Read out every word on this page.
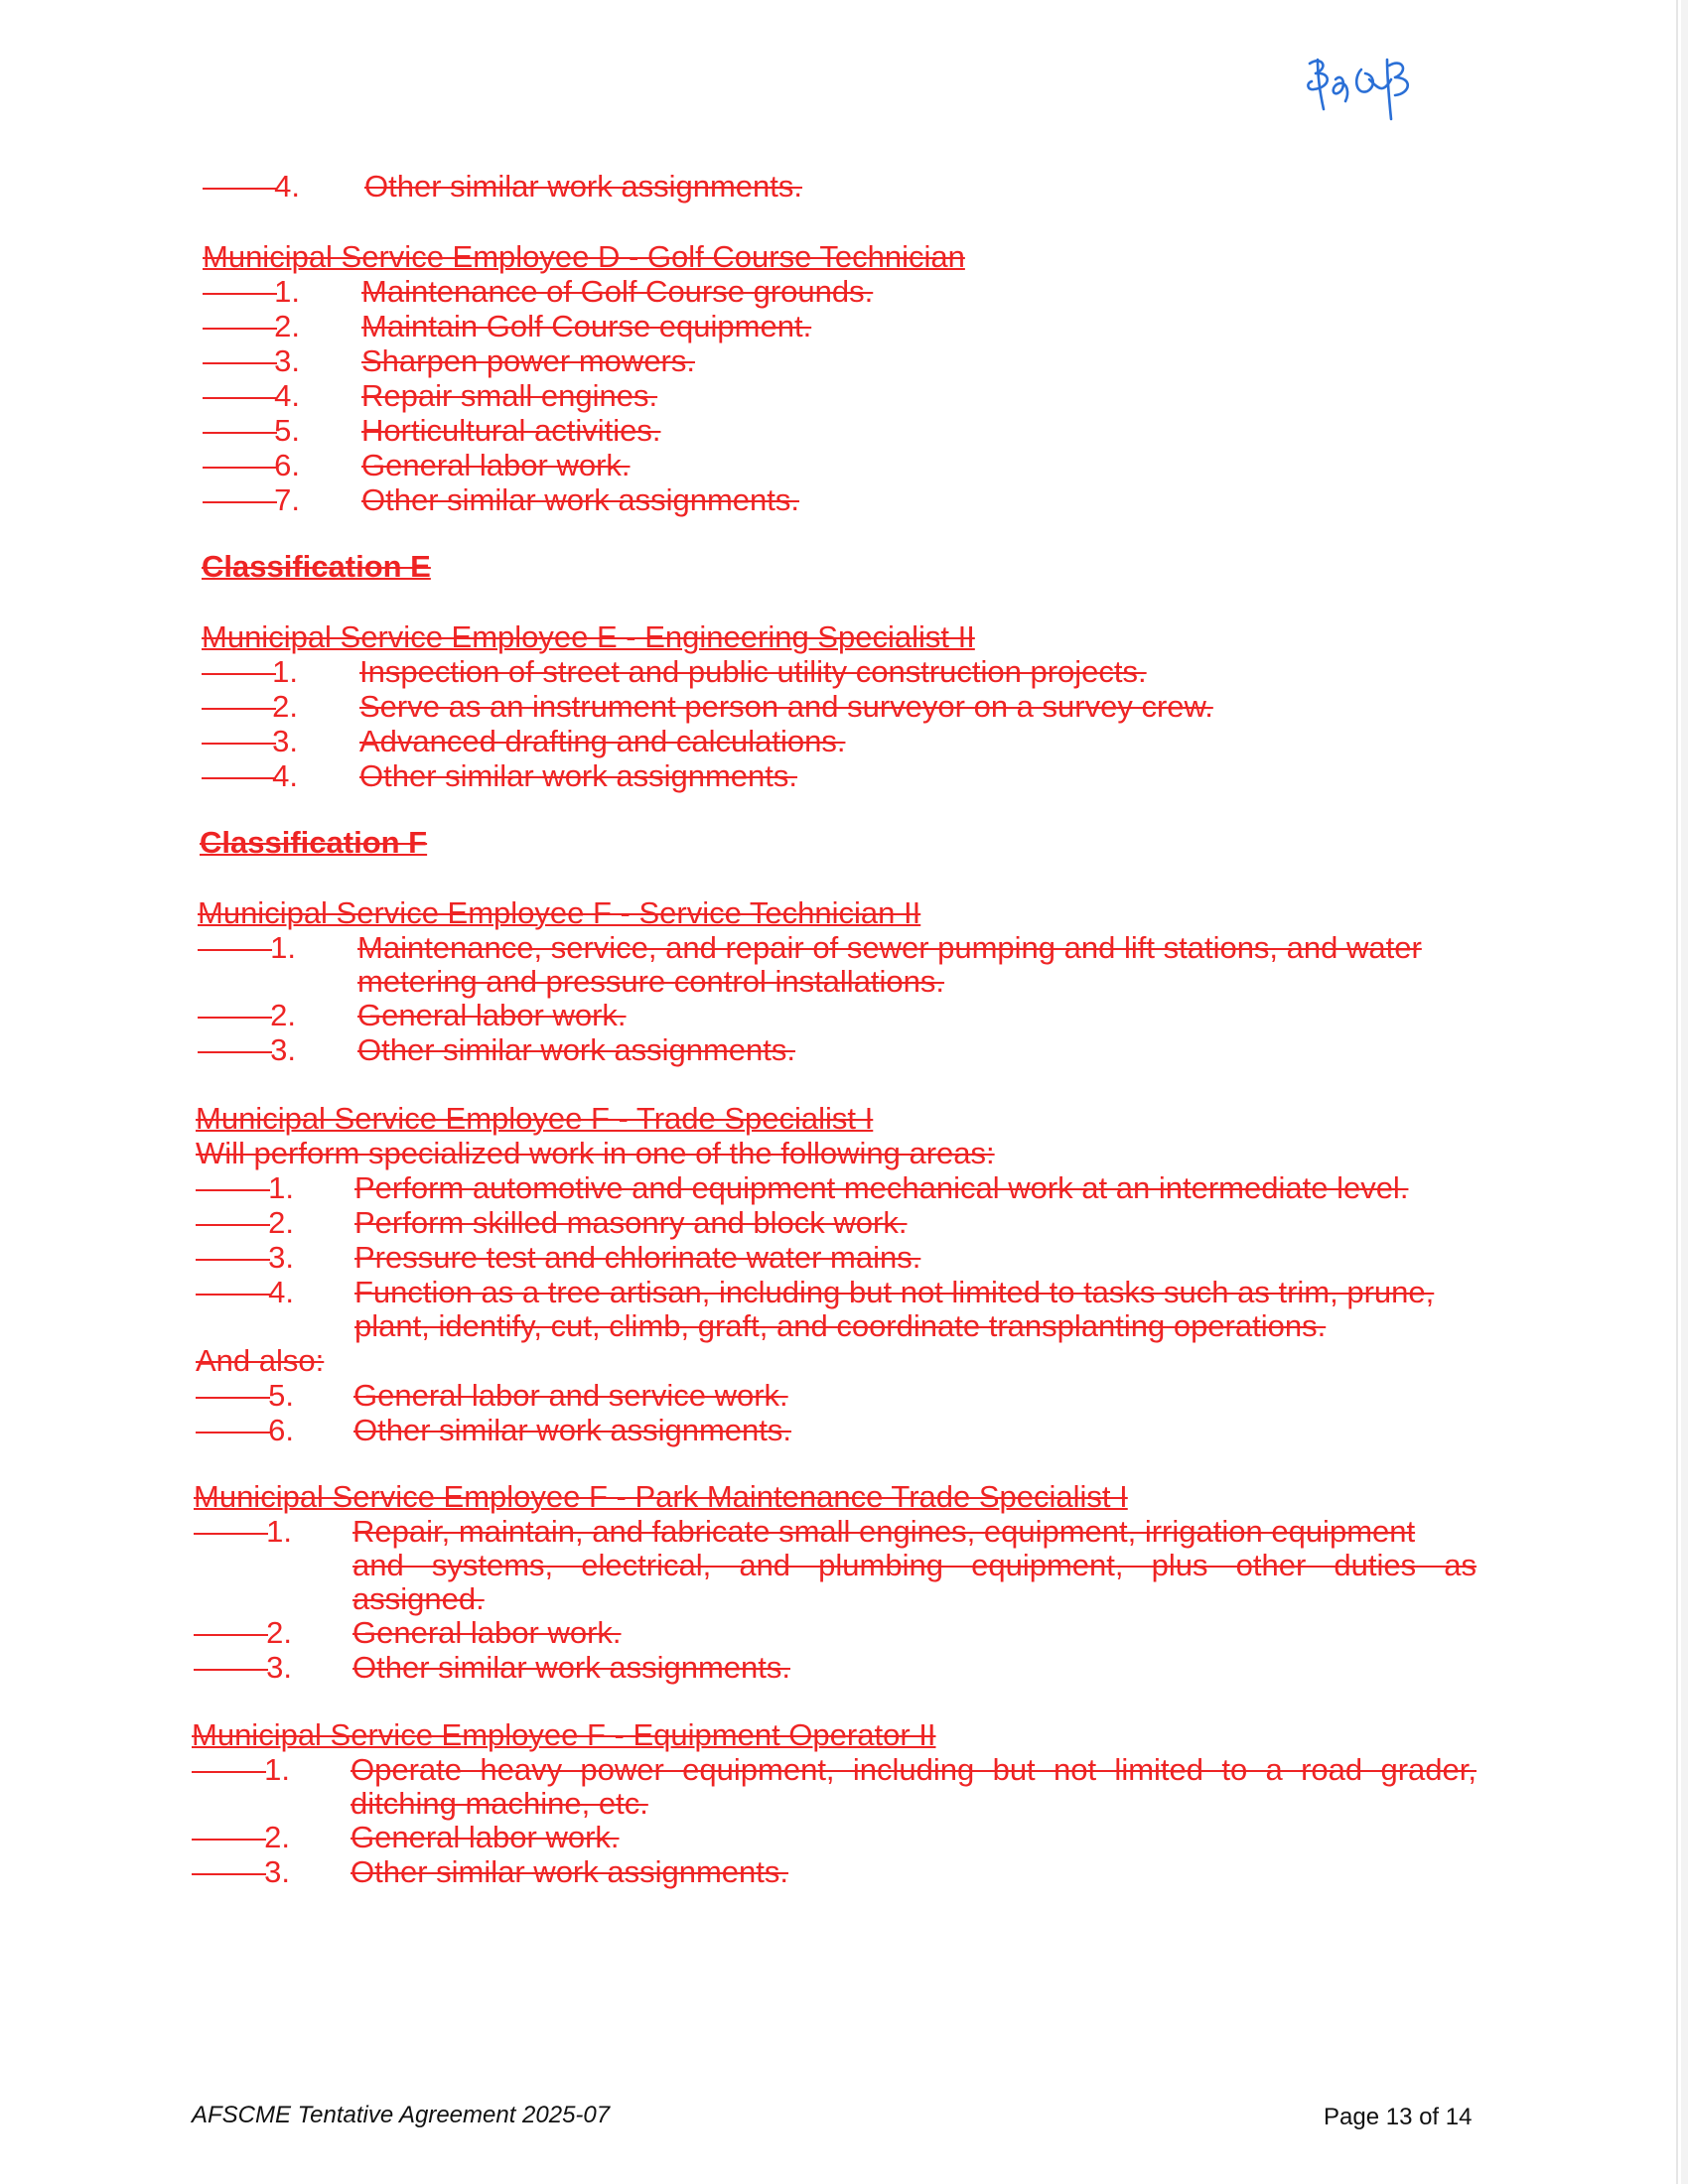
4. Other similar work assignments.
Municipal Service Employee D - Golf Course Technician
1. Maintenance of Golf Course grounds.
2. Maintain Golf Course equipment.
3. Sharpen power mowers.
4. Repair small engines.
5. Horticultural activities.
6. General labor work.
7. Other similar work assignments.
Classification E
Municipal Service Employee E - Engineering Specialist II
1. Inspection of street and public utility construction projects.
2. Serve as an instrument person and surveyor on a survey crew.
3. Advanced drafting and calculations.
4. Other similar work assignments.
Classification F
Municipal Service Employee F - Service Technician II
1. Maintenance, service, and repair of sewer pumping and lift stations, and water
metering and pressure control installations.
2. General labor work.
3. Other similar work assignments.
Municipal Service Employee F - Trade Specialist I
Will perform specialized work in one of the following areas:
1. Perform automotive and equipment mechanical work at an intermediate level.
2. Perform skilled masonry and block work.
3. Pressure test and chlorinate water mains.
4. Function as a tree artisan, including but not limited to tasks such as trim, prune,
plant, identify, cut, climb, graft, and coordinate transplanting operations.
And also:
5. General labor and service work.
6. Other similar work assignments.
Municipal Service Employee F - Park Maintenance Trade Specialist I
1. Repair, maintain, and fabricate small engines, equipment, irrigation equipment
and systems, electrical, and plumbing equipment, plus other duties as
assigned.
2. General labor work.
3. Other similar work assignments.
Municipal Service Employee F - Equipment Operator II
1. Operate heavy power equipment, including but not limited to a road grader,
ditching machine, etc.
2. General labor work.
3. Other similar work assignments.
AFSCME Tentative Agreement 2025-07	Page 13 of 14
